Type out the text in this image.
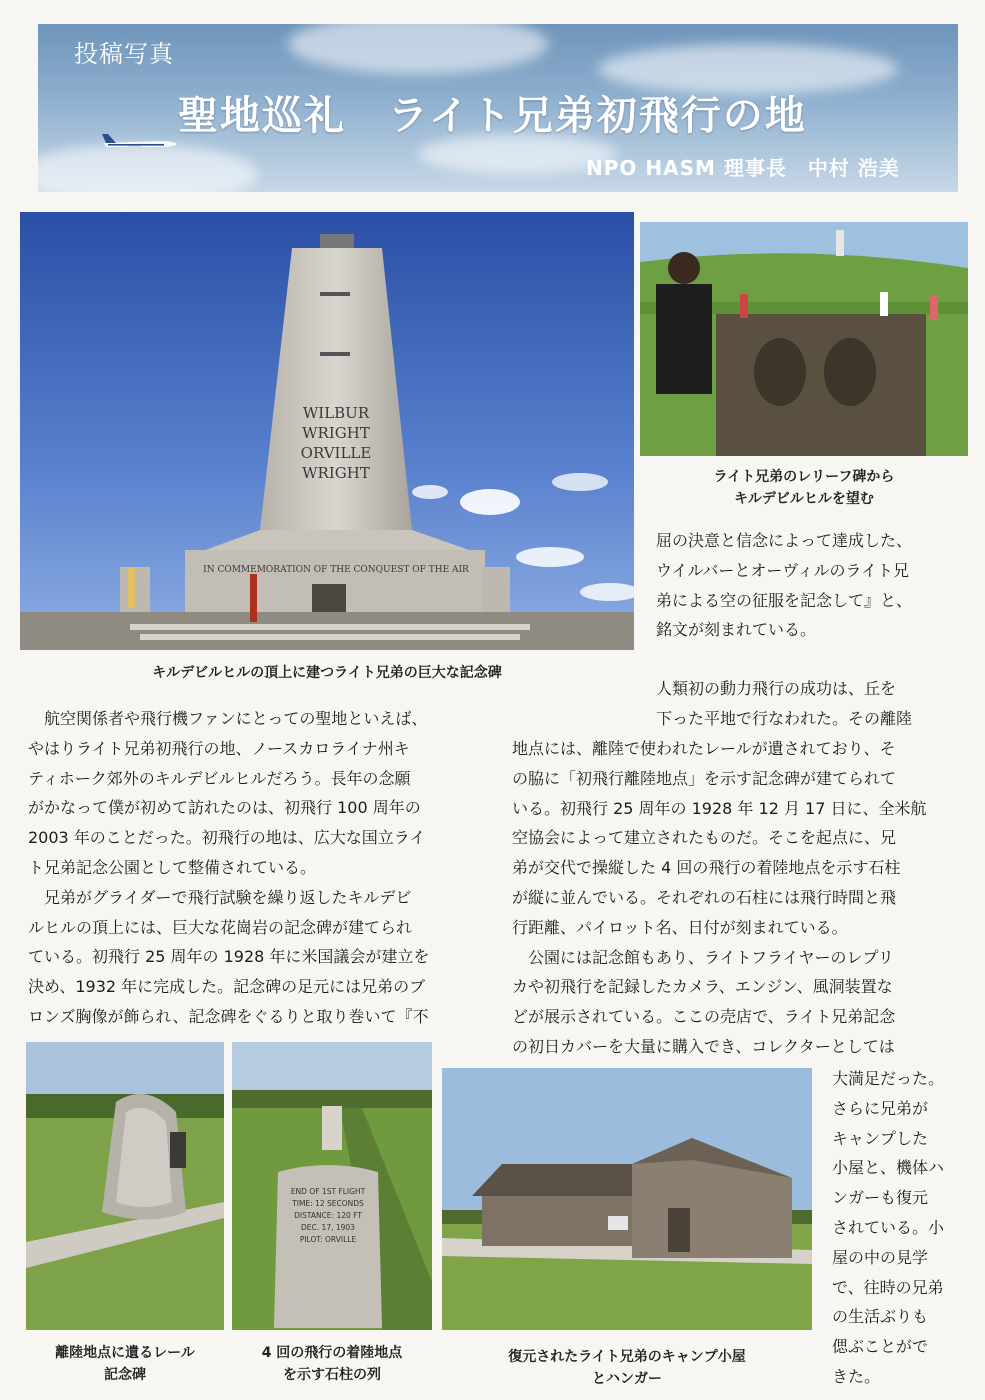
投稿写真
聖地巡礼　ライト兄弟初飛行の地
NPO HASM 理事長　中村 浩美
WILBUR
WRIGHT
ORVILLE
WRIGHT
IN COMMEMORATION OF THE CONQUEST OF THE AIR
キルデビルヒルの頂上に建つライト兄弟の巨大な記念碑
ライト兄弟のレリーフ碑から
キルデビルヒルを望む
屈の決意と信念によって達成した、
ウイルバーとオーヴィルのライト兄
弟による空の征服を記念して』と、
銘文が刻まれている。
　航空関係者や飛行機ファンにとっての聖地といえば、
やはりライト兄弟初飛行の地、ノースカロライナ州キ
ティホーク郊外のキルデビルヒルだろう。長年の念願
がかなって僕が初めて訪れたのは、初飛行 100 周年の
2003 年のことだった。初飛行の地は、広大な国立ライ
ト兄弟記念公園として整備されている。
　兄弟がグライダーで飛行試験を繰り返したキルデビ
ルヒルの頂上には、巨大な花崗岩の記念碑が建てられ
ている。初飛行 25 周年の 1928 年に米国議会が建立を
決め、1932 年に完成した。記念碑の足元には兄弟のブ
ロンズ胸像が飾られ、記念碑をぐるりと取り巻いて『不
人類初の動力飛行の成功は、丘を
下った平地で行なわれた。その離陸
地点には、離陸で使われたレールが遺されており、そ
の脇に「初飛行離陸地点」を示す記念碑が建てられて
いる。初飛行 25 周年の 1928 年 12 月 17 日に、全米航
空協会によって建立されたものだ。そこを起点に、兄
弟が交代で操縦した 4 回の飛行の着陸地点を示す石柱
が縦に並んでいる。それぞれの石柱には飛行時間と飛
行距離、パイロット名、日付が刻まれている。
　公園には記念館もあり、ライトフライヤーのレプリ
カや初飛行を記録したカメラ、エンジン、風洞装置な
どが展示されている。ここの売店で、ライト兄弟記念
の初日カバーを大量に購入でき、コレクターとしては
大満足だった。
さらに兄弟が
キャンプした
小屋と、機体ハ
ンガーも復元
されている。小
屋の中の見学
で、往時の兄弟
の生活ぶりも
偲ぶことがで
きた。
離陸地点に遺るレール
記念碑
END OF 1ST FLIGHT
TIME: 12 SECONDS
DISTANCE: 120 FT
DEC. 17, 1903
PILOT: ORVILLE
4 回の飛行の着陸地点
を示す石柱の列
復元されたライト兄弟のキャンプ小屋
とハンガー
